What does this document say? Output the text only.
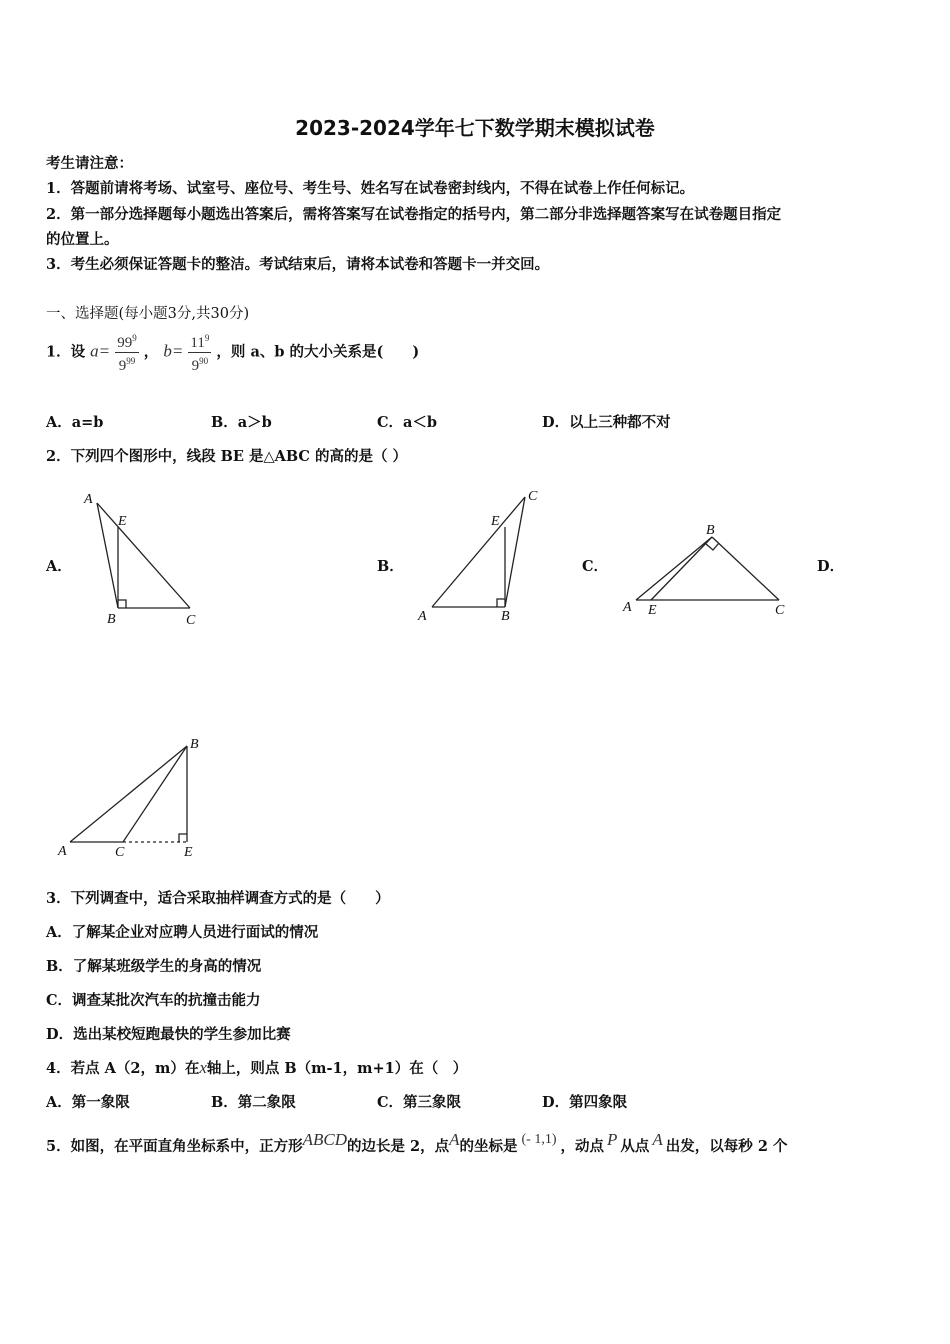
2023-2024学年七下数学期末模拟试卷
考生请注意：
1．答题前请将考场、试室号、座位号、考生号、姓名写在试卷密封线内，不得在试卷上作任何标记。
2．第一部分选择题每小题选出答案后，需将答案写在试卷指定的括号内，第二部分非选择题答案写在试卷题目指定
的位置上。
3．考生必须保证答题卡的整洁。考试结束后，请将本试卷和答题卡一并交回。
一、选择题(每小题3分,共30分)
1．设 $a= \frac{99^9}{9^{99}}$ ， $b= \frac{11^9}{9^{90}}$ ，则 a、b 的大小关系是(　　)
A．a=b	B．a＞b	C．a＜b	D．以上三种都不对
2．下列四个图形中，线段 BE 是△ABC 的高的是（ ）
A．	B．	C．	D．
A
E
B	C
C
E
A	B
B
A E	C
B
A	C	E
3．下列调查中，适合采取抽样调查方式的是（　　）
A．了解某企业对应聘人员进行面试的情况
B．了解某班级学生的身高的情况
C．调查某批次汽车的抗撞击能力
D．选出某校短跑最快的学生参加比赛
4．若点 A（2，m）在x轴上，则点 B（m-1，m+1）在（　）
A．第一象限	B．第二象限	C．第三象限	D．第四象限
5．如图，在平面直角坐标系中，正方形ABCD的边长是 2，点A的坐标是 (- 1,1) ，动点 P 从点 A 出发，以每秒 2 个
